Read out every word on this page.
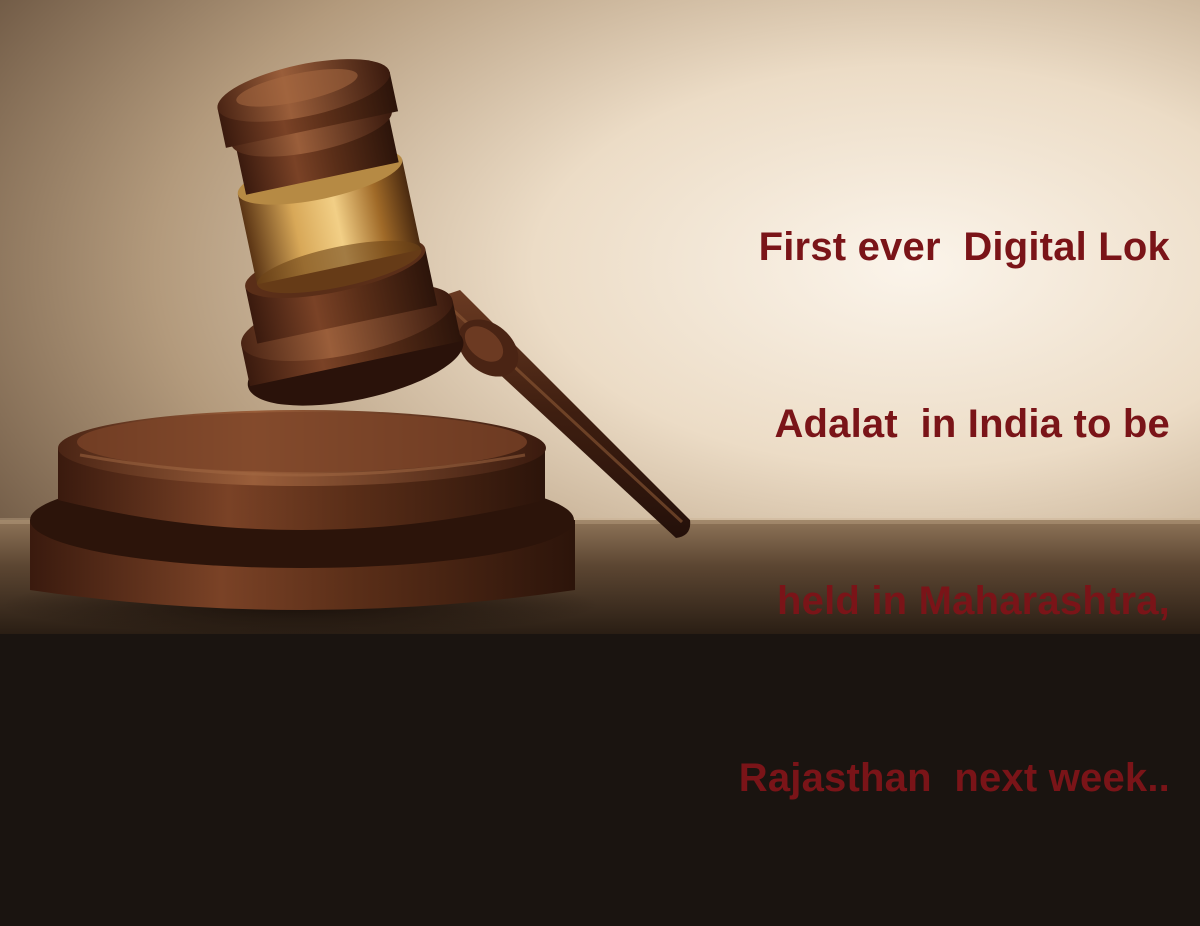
First ever  Digital Lok

Adalat  in India to be

held in Maharashtra,

Rajasthan  next week..
